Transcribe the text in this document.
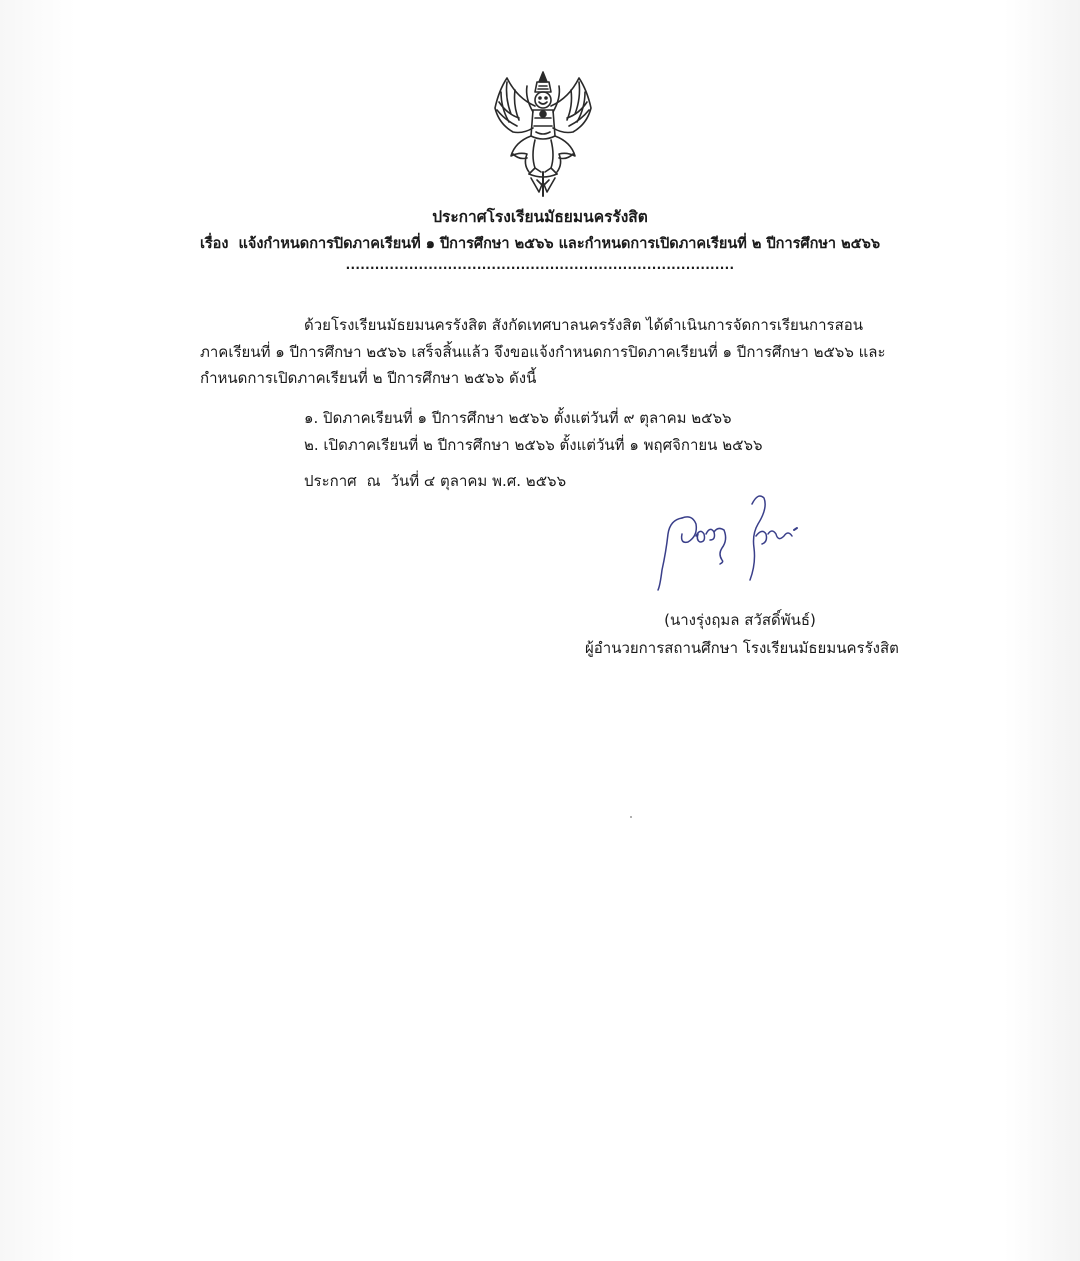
ประกาศโรงเรียนมัธยมนครรังสิต
เรื่อง แจ้งกำหนดการปิดภาคเรียนที่ ๑ ปีการศึกษา ๒๕๖๖ และกำหนดการเปิดภาคเรียนที่ ๒ ปีการศึกษา ๒๕๖๖
................................................................................
ด้วยโรงเรียนมัธยมนครรังสิต สังกัดเทศบาลนครรังสิต ได้ดำเนินการจัดการเรียนการสอน
ภาคเรียนที่ ๑ ปีการศึกษา ๒๕๖๖ เสร็จสิ้นแล้ว จึงขอแจ้งกำหนดการปิดภาคเรียนที่ ๑ ปีการศึกษา ๒๕๖๖ และ
กำหนดการเปิดภาคเรียนที่ ๒ ปีการศึกษา ๒๕๖๖ ดังนี้
๑. ปิดภาคเรียนที่ ๑ ปีการศึกษา ๒๕๖๖ ตั้งแต่วันที่ ๙ ตุลาคม ๒๕๖๖
๒. เปิดภาคเรียนที่ ๒ ปีการศึกษา ๒๕๖๖ ตั้งแต่วันที่ ๑ พฤศจิกายน ๒๕๖๖
ประกาศ ณ วันที่ ๔ ตุลาคม พ.ศ. ๒๕๖๖
(นางรุ่งฤมล สวัสดิ์พันธ์)
ผู้อำนวยการสถานศึกษา โรงเรียนมัธยมนครรังสิต
